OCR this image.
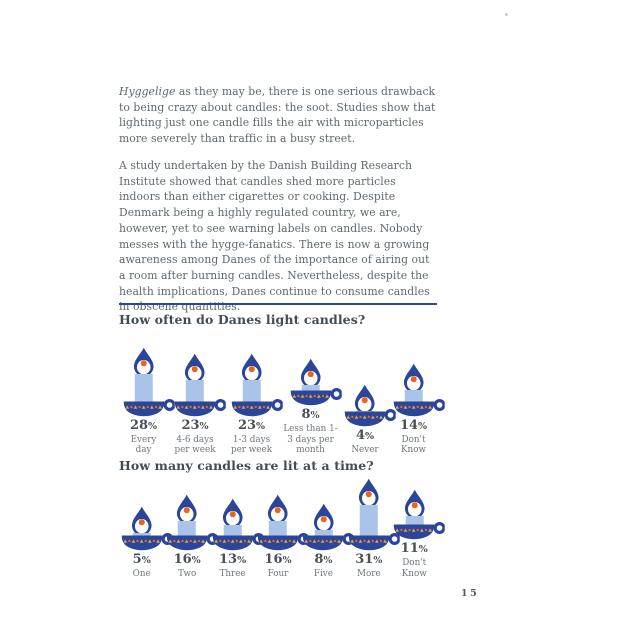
Hyggelige as they may be, there is one serious drawback to being crazy about candles: the soot. Studies show that lighting just one candle fills the air with microparticles more severely than traffic in a busy street.

A study undertaken by the Danish Building Research Institute showed that candles shed more particles indoors than either cigarettes or cooking. Despite Denmark being a highly regulated country, we are, however, yet to see warning labels on candles. Nobody messes with the hygge-fanatics. There is now a growing awareness among Danes of the importance of airing out a room after burning candles. Nevertheless, despite the health implications, Danes continue to consume candles in obscene quantities.

How often do Danes light candles?
28%
Every day
23%
4-6 days per week
23%
1-3 days per week
8%
Less than 1-3 days per month
4%
Never
14%
Don't Know
How many candles are lit at a time?
5%
One
16%
Two
13%
Three
16%
Four
8%
Five
31%
More
11%
Don't Know
15
